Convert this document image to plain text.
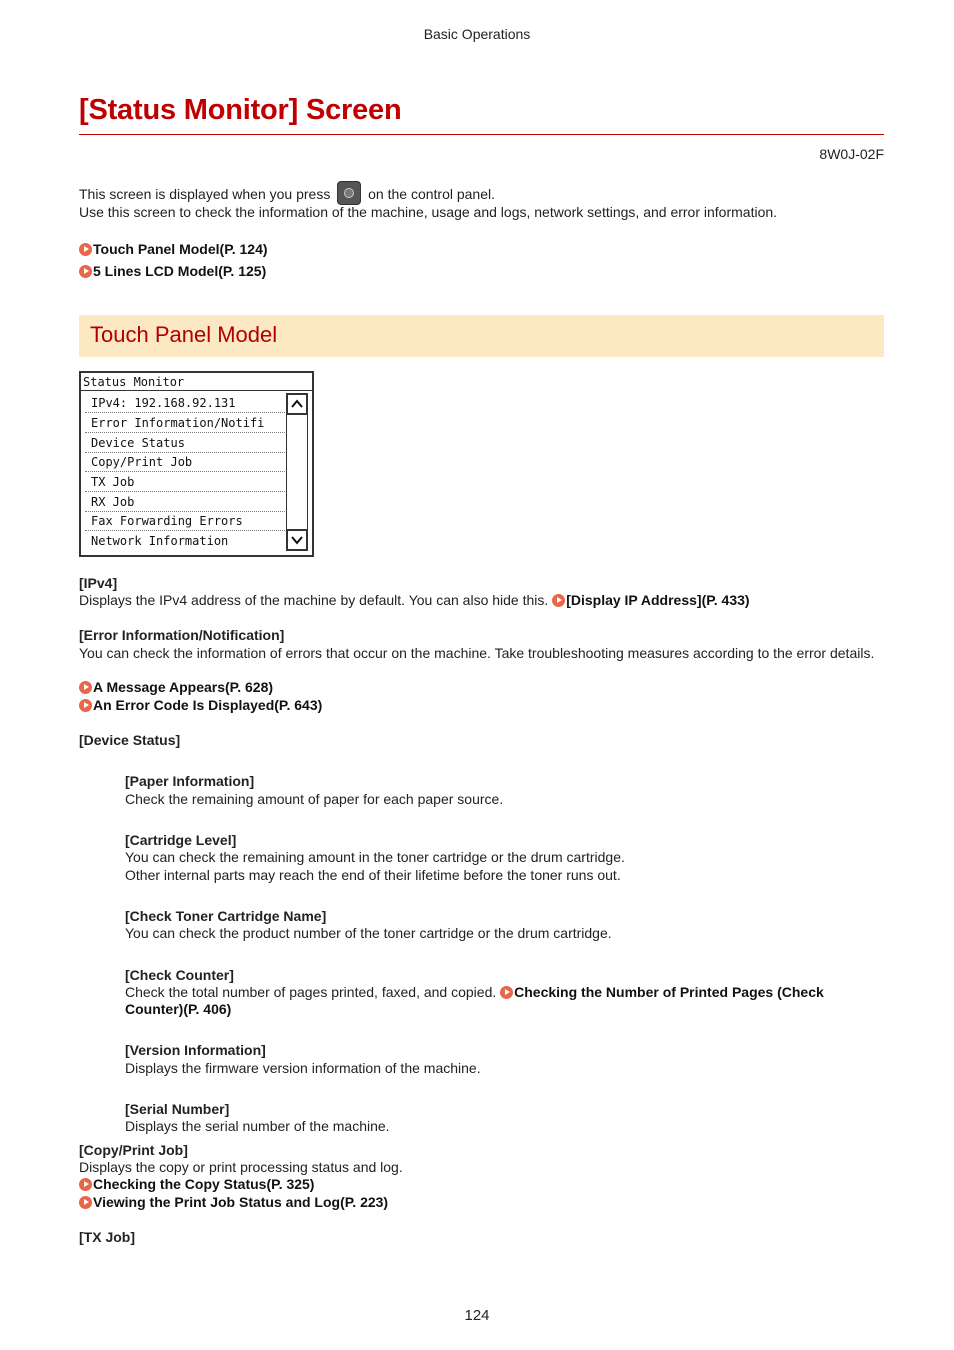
Basic Operations
[Status Monitor] Screen
8W0J-02F
This screen is displayed when you press	on the control panel.
Use this screen to check the information of the machine, usage and logs, network settings, and error information.
Touch Panel Model(P. 124)
5 Lines LCD Model(P. 125)
Touch Panel Model
Status Monitor
IPv4: 192.168.92.131
Error Information/Notifi
Device Status
Copy/Print Job
TX Job
RX Job
Fax Forwarding Errors
Network Information
[IPv4]
Displays the IPv4 address of the machine by default. You can also hide this. [Display IP Address](P. 433)
[Error Information/Notification]
You can check the information of errors that occur on the machine. Take troubleshooting measures according to the error details.
A Message Appears(P. 628)
An Error Code Is Displayed(P. 643)
[Device Status]
[Paper Information]
Check the remaining amount of paper for each paper source.
[Cartridge Level]
You can check the remaining amount in the toner cartridge or the drum cartridge.
Other internal parts may reach the end of their lifetime before the toner runs out.
[Check Toner Cartridge Name]
You can check the product number of the toner cartridge or the drum cartridge.
[Check Counter]
Check the total number of pages printed, faxed, and copied. Checking the Number of Printed Pages (Check
Counter)(P. 406)
[Version Information]
Displays the firmware version information of the machine.
[Serial Number]
Displays the serial number of the machine.
[Copy/Print Job]
Displays the copy or print processing status and log.
Checking the Copy Status(P. 325)
Viewing the Print Job Status and Log(P. 223)
[TX Job]
124
